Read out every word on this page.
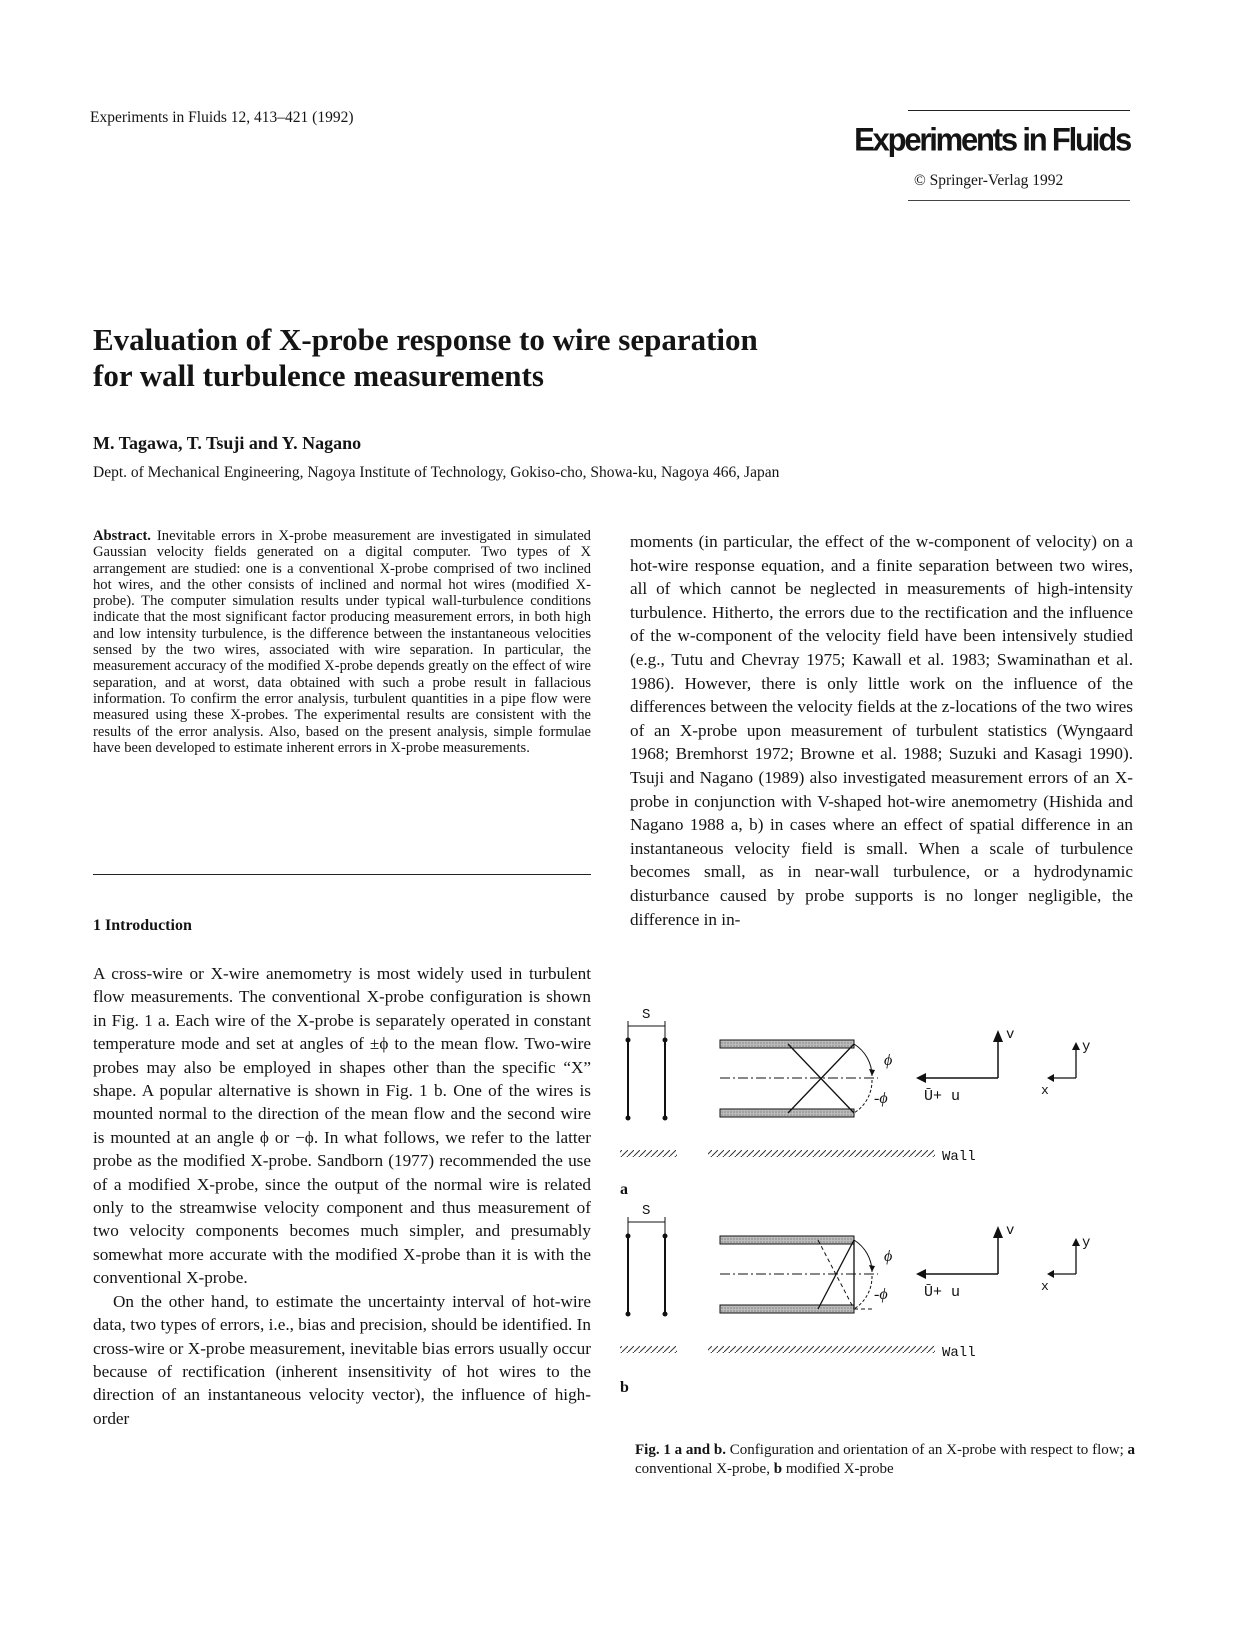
Experiments in Fluids 12, 413–421 (1992)
Experiments in Fluids
© Springer-Verlag 1992
Evaluation of X-probe response to wire separation
for wall turbulence measurements
M. Tagawa, T. Tsuji and Y. Nagano
Dept. of Mechanical Engineering, Nagoya Institute of Technology, Gokiso-cho, Showa-ku, Nagoya 466, Japan
Abstract. Inevitable errors in X-probe measurement are investigated in simulated Gaussian velocity fields generated on a digital computer. Two types of X arrangement are studied: one is a conventional X-probe comprised of two inclined hot wires, and the other consists of inclined and normal hot wires (modified X-probe). The computer simulation results under typical wall-turbulence conditions indicate that the most significant factor producing measurement errors, in both high and low intensity turbulence, is the difference between the instantaneous velocities sensed by the two wires, associated with wire separation. In particular, the measurement accuracy of the modified X-probe depends greatly on the effect of wire separation, and at worst, data obtained with such a probe result in fallacious information. To confirm the error analysis, turbulent quantities in a pipe flow were measured using these X-probes. The experimental results are consistent with the results of the error analysis. Also, based on the present analysis, simple formulae have been developed to estimate inherent errors in X-probe measurements.
1 Introduction

A cross-wire or X-wire anemometry is most widely used in turbulent flow measurements. The conventional X-probe configuration is shown in Fig. 1 a. Each wire of the X-probe is separately operated in constant temperature mode and set at angles of ±ϕ to the mean flow. Two-wire probes may also be employed in shapes other than the specific “X” shape. A popular alternative is shown in Fig. 1 b. One of the wires is mounted normal to the direction of the mean flow and the second wire is mounted at an angle ϕ or −ϕ. In what follows, we refer to the latter probe as the modified X-probe. Sandborn (1977) recommended the use of a modified X-probe, since the output of the normal wire is related only to the streamwise velocity component and thus measurement of two velocity components becomes much simpler, and presumably somewhat more accurate with the modified X-probe than it is with the conventional X-probe.

On the other hand, to estimate the uncertainty interval of hot-wire data, two types of errors, i.e., bias and precision, should be identified. In cross-wire or X-probe measurement, inevitable bias errors usually occur because of rectification (inherent insensitivity of hot wires to the direction of an instantaneous velocity vector), the influence of high-order

moments (in particular, the effect of the w-component of velocity) on a hot-wire response equation, and a finite separation between two wires, all of which cannot be neglected in measurements of high-intensity turbulence. Hitherto, the errors due to the rectification and the influence of the w-component of the velocity field have been intensively studied (e.g., Tutu and Chevray 1975; Kawall et al. 1983; Swaminathan et al. 1986). However, there is only little work on the influence of the differences between the velocity fields at the z-locations of the two wires of an X-probe upon measurement of turbulent statistics (Wyngaard 1968; Bremhorst 1972; Browne et al. 1988; Suzuki and Kasagi 1990). Tsuji and Nagano (1989) also investigated measurement errors of an X-probe in conjunction with V-shaped hot-wire anemometry (Hishida and Nagano 1988 a, b) in cases where an effect of spatial difference in an instantaneous velocity field is small. When a scale of turbulence becomes small, as in near-wall turbulence, or a hydrodynamic disturbance caused by probe supports is no longer negligible, the difference in in-
S
ϕ
-ϕ
v
Ū+ u
y
x
Wall
a
S
ϕ
-ϕ
v
Ū+ u
y
x
Wall
b
Fig. 1 a and b. Configuration and orientation of an X-probe with respect to flow; a conventional X-probe, b modified X-probe
